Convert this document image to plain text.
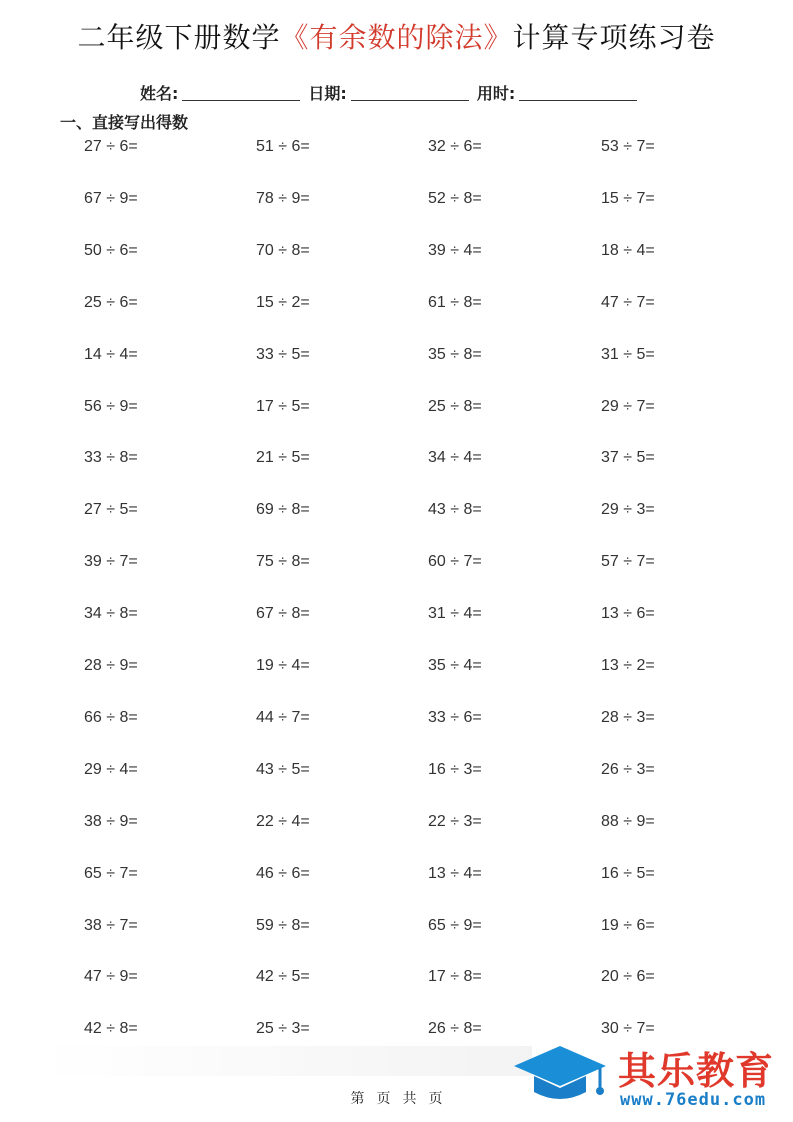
二年级下册数学《有余数的除法》计算专项练习卷
姓名:	日期:	用时:
一、直接写出得数
27 ÷ 6=	51 ÷ 6=	32 ÷ 6=	53 ÷ 7=
67 ÷ 9=	78 ÷ 9=	52 ÷ 8=	15 ÷ 7=
50 ÷ 6=	70 ÷ 8=	39 ÷ 4=	18 ÷ 4=
25 ÷ 6=	15 ÷ 2=	61 ÷ 8=	47 ÷ 7=
14 ÷ 4=	33 ÷ 5=	35 ÷ 8=	31 ÷ 5=
56 ÷ 9=	17 ÷ 5=	25 ÷ 8=	29 ÷ 7=
33 ÷ 8=	21 ÷ 5=	34 ÷ 4=	37 ÷ 5=
27 ÷ 5=	69 ÷ 8=	43 ÷ 8=	29 ÷ 3=
39 ÷ 7=	75 ÷ 8=	60 ÷ 7=	57 ÷ 7=
34 ÷ 8=	67 ÷ 8=	31 ÷ 4=	13 ÷ 6=
28 ÷ 9=	19 ÷ 4=	35 ÷ 4=	13 ÷ 2=
66 ÷ 8=	44 ÷ 7=	33 ÷ 6=	28 ÷ 3=
29 ÷ 4=	43 ÷ 5=	16 ÷ 3=	26 ÷ 3=
38 ÷ 9=	22 ÷ 4=	22 ÷ 3=	88 ÷ 9=
65 ÷ 7=	46 ÷ 6=	13 ÷ 4=	16 ÷ 5=
38 ÷ 7=	59 ÷ 8=	65 ÷ 9=	19 ÷ 6=
47 ÷ 9=	42 ÷ 5=	17 ÷ 8=	20 ÷ 6=
42 ÷ 8=	25 ÷ 3=	26 ÷ 8=	30 ÷ 7=
第 页 共 页
其乐教育
www.76edu.com
